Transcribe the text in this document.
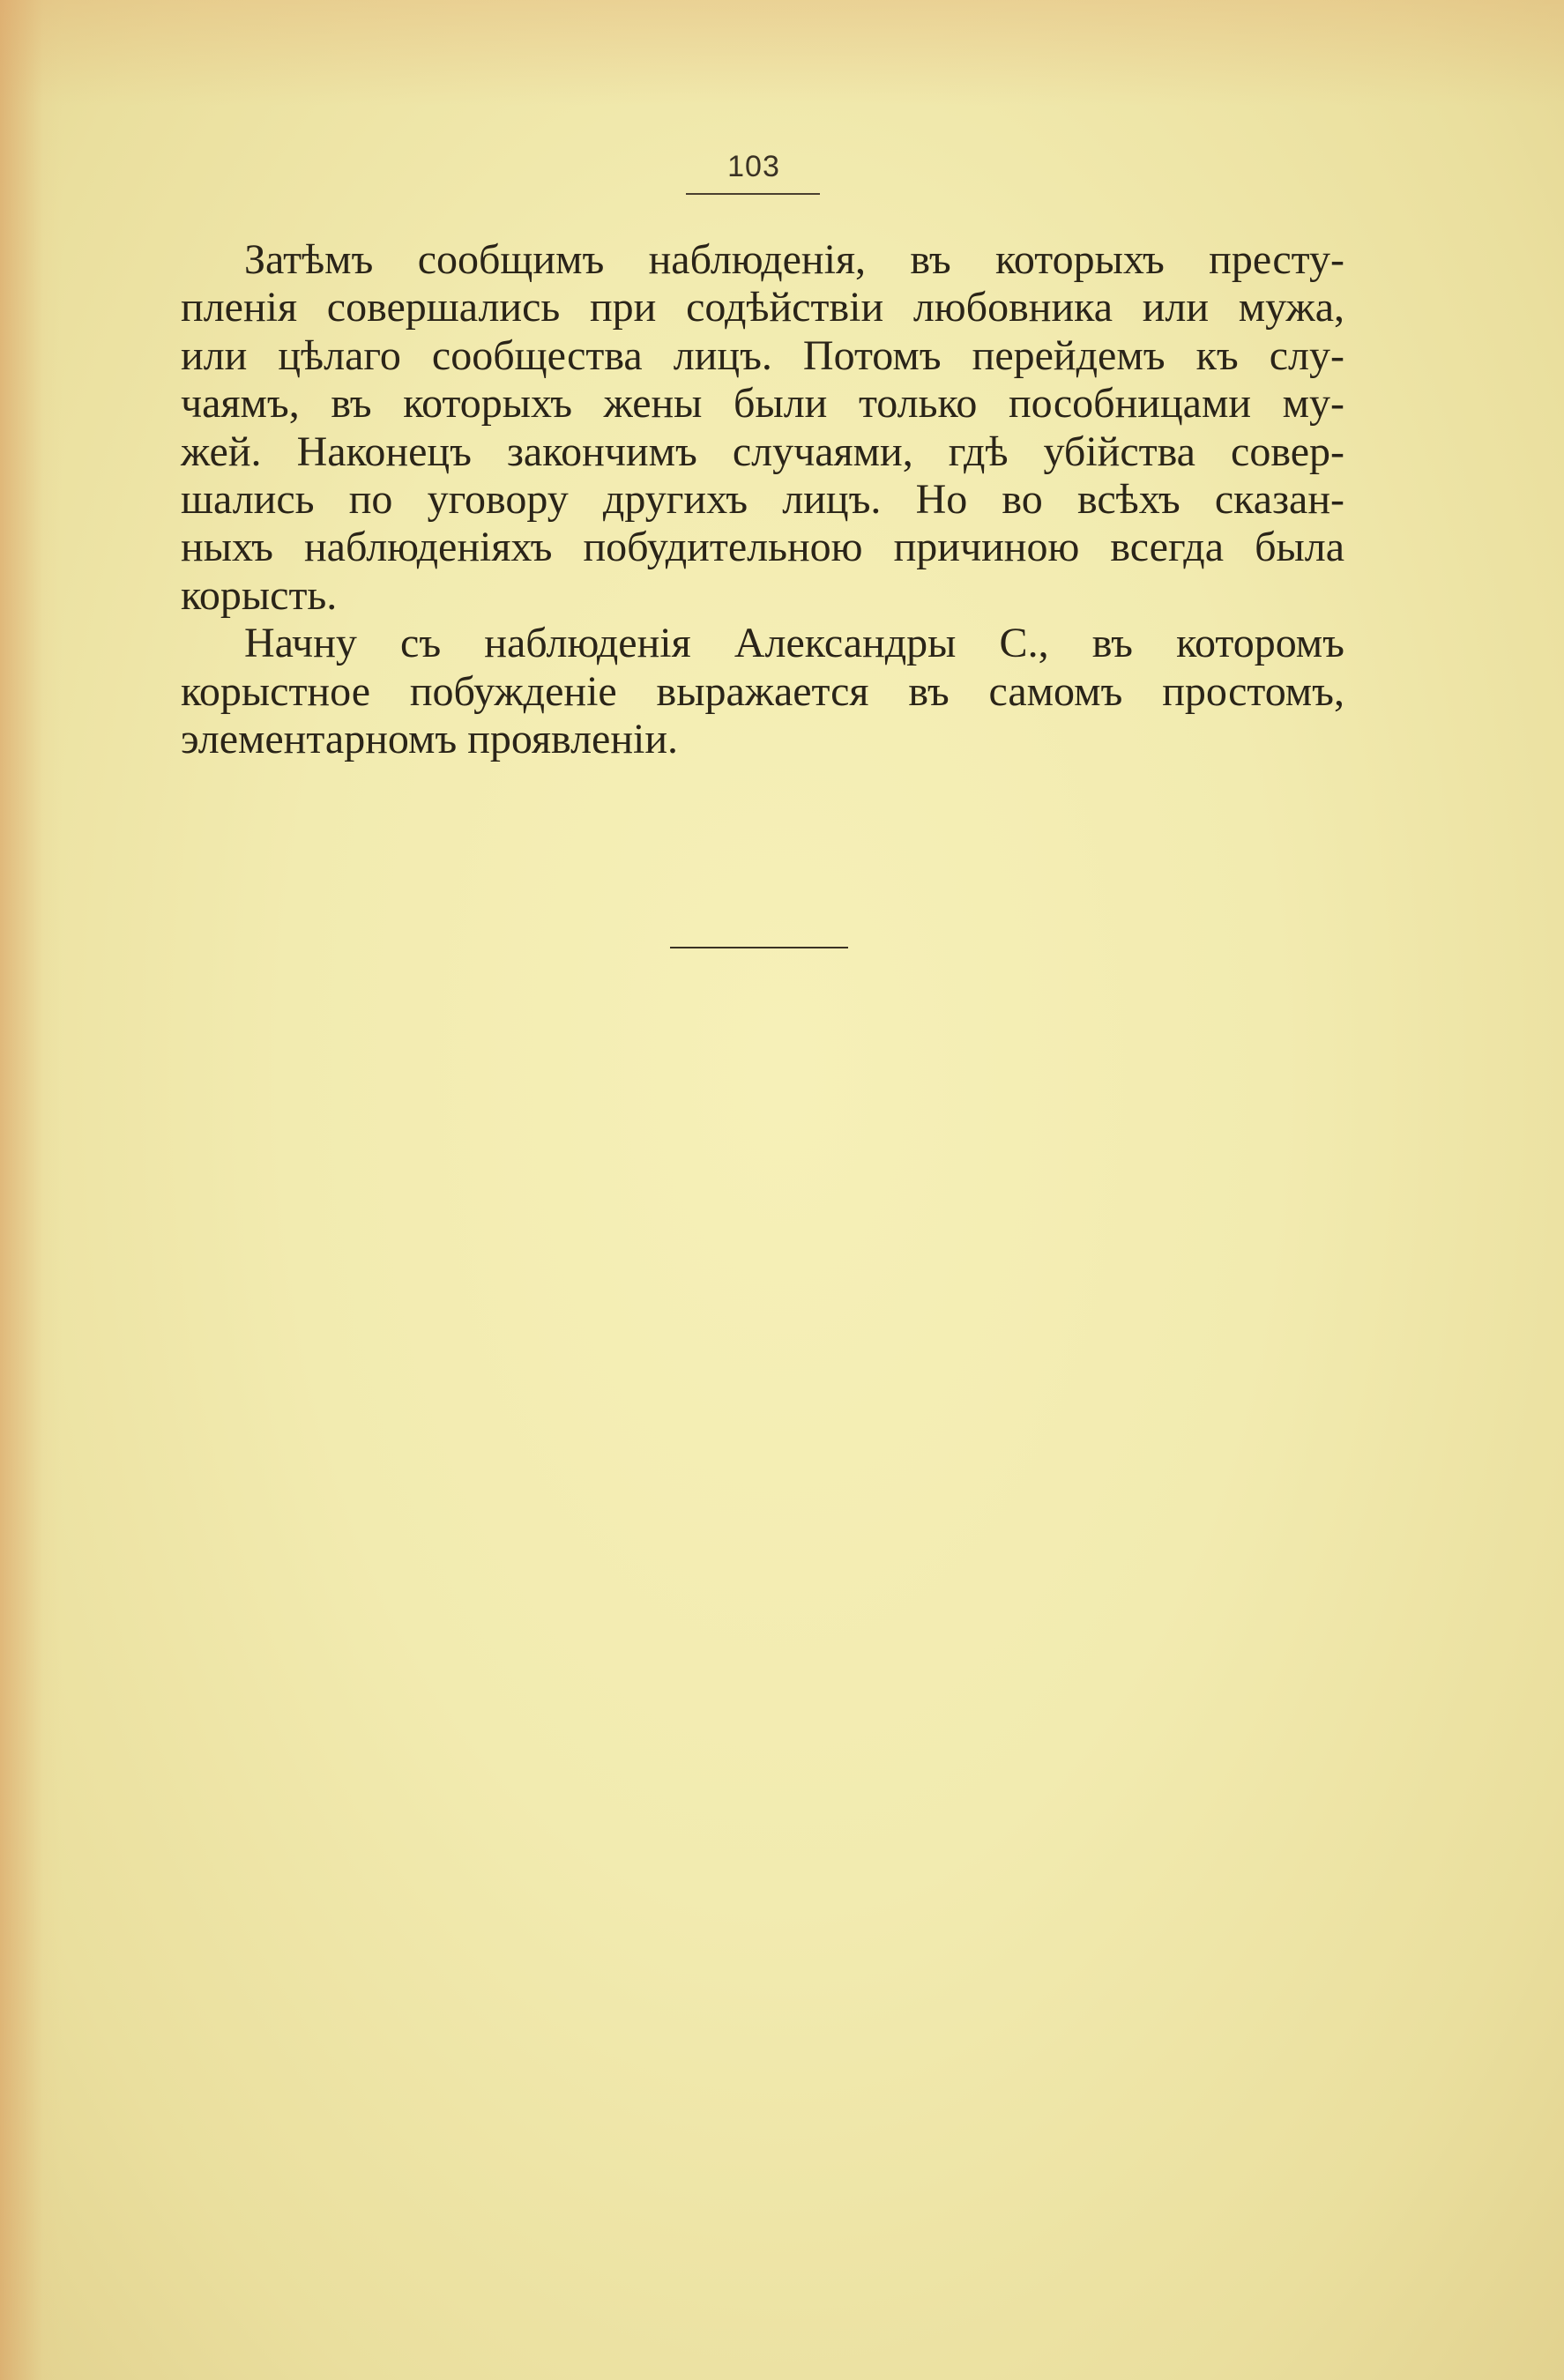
103

Затѣмъ сообщимъ наблюденія, въ которыхъ престу-
пленія совершались при содѣйствіи любовника или мужа,
или цѣлаго сообщества лицъ. Потомъ перейдемъ къ слу-
чаямъ, въ которыхъ жены были только пособницами му-
жей. Наконецъ закончимъ случаями, гдѣ убійства совер-
шались по уговору другихъ лицъ. Но во всѣхъ сказан-
ныхъ наблюденіяхъ побудительною причиною всегда была
корысть.

Начну съ наблюденія Александры С., въ которомъ
корыстное побужденіе выражается въ самомъ простомъ,
элементарномъ проявленіи.
